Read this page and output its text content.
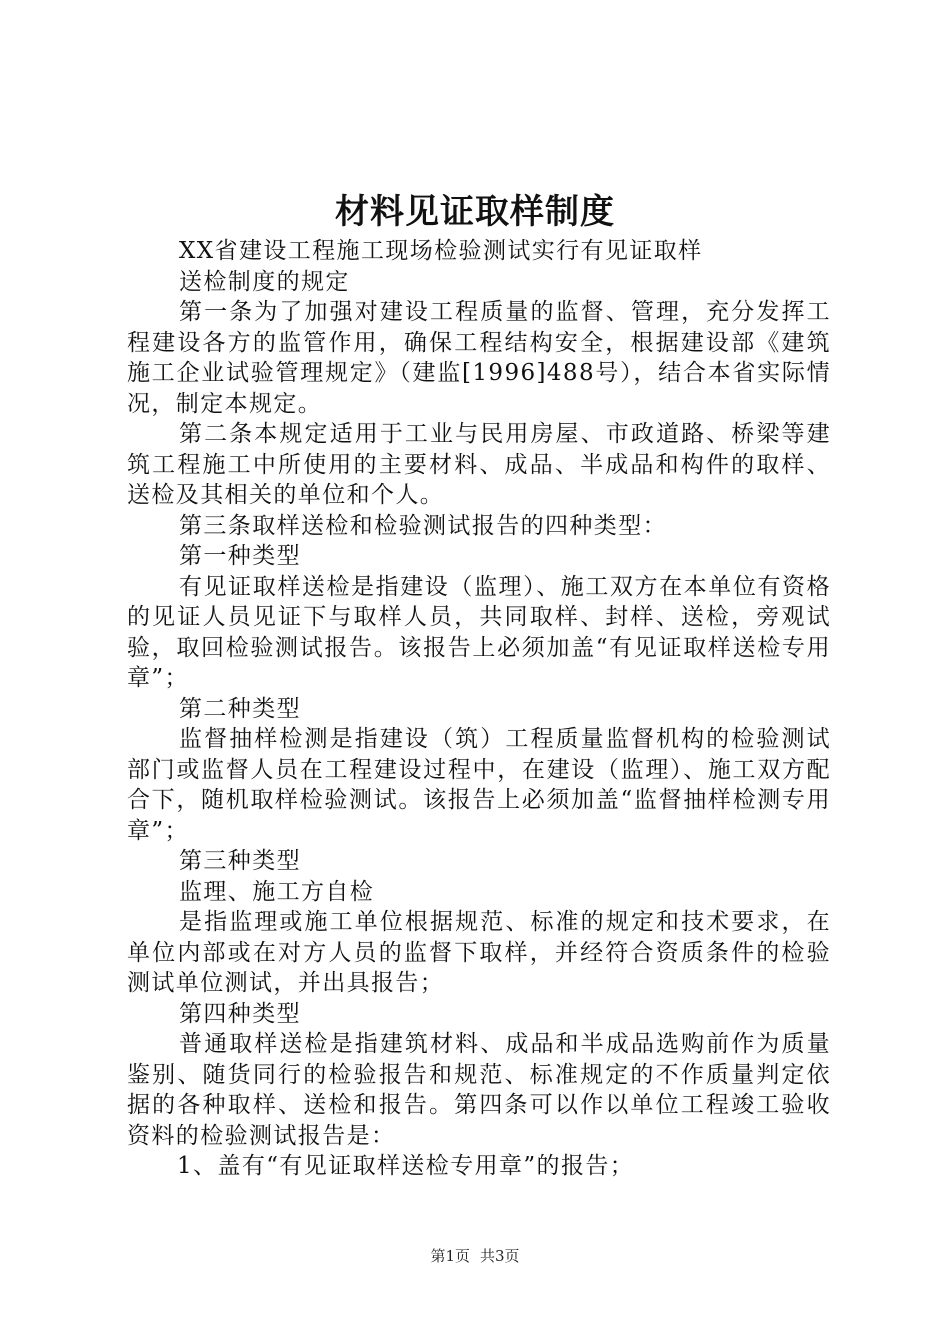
材料见证取样制度

XX省建设工程施工现场检验测试实行有见证取样

送检制度的规定

第一条为了加强对建设工程质量的监督、管理，充分发挥工程建设各方的监管作用，确保工程结构安全，根据建设部《建筑施工企业试验管理规定》（建监[1996]488号），结合本省实际情况，制定本规定。

第二条本规定适用于工业与民用房屋、市政道路、桥梁等建筑工程施工中所使用的主要材料、成品、半成品和构件的取样、送检及其相关的单位和个人。

第三条取样送检和检验测试报告的四种类型：

第一种类型

有见证取样送检是指建设（监理）、施工双方在本单位有资格的见证人员见证下与取样人员，共同取样、封样、送检，旁观试验，取回检验测试报告。该报告上必须加盖“有见证取样送检专用章”；

第二种类型

监督抽样检测是指建设（筑）工程质量监督机构的检验测试部门或监督人员在工程建设过程中，在建设（监理）、施工双方配合下，随机取样检验测试。该报告上必须加盖“监督抽样检测专用章”；

第三种类型

监理、施工方自检

是指监理或施工单位根据规范、标准的规定和技术要求，在单位内部或在对方人员的监督下取样，并经符合资质条件的检验测试单位测试，并出具报告；

第四种类型

普通取样送检是指建筑材料、成品和半成品选购前作为质量鉴别、随货同行的检验报告和规范、标准规定的不作质量判定依据的各种取样、送检和报告。第四条可以作以单位工程竣工验收资料的检验测试报告是：

1、盖有“有见证取样送检专用章”的报告；

第1页 共3页
